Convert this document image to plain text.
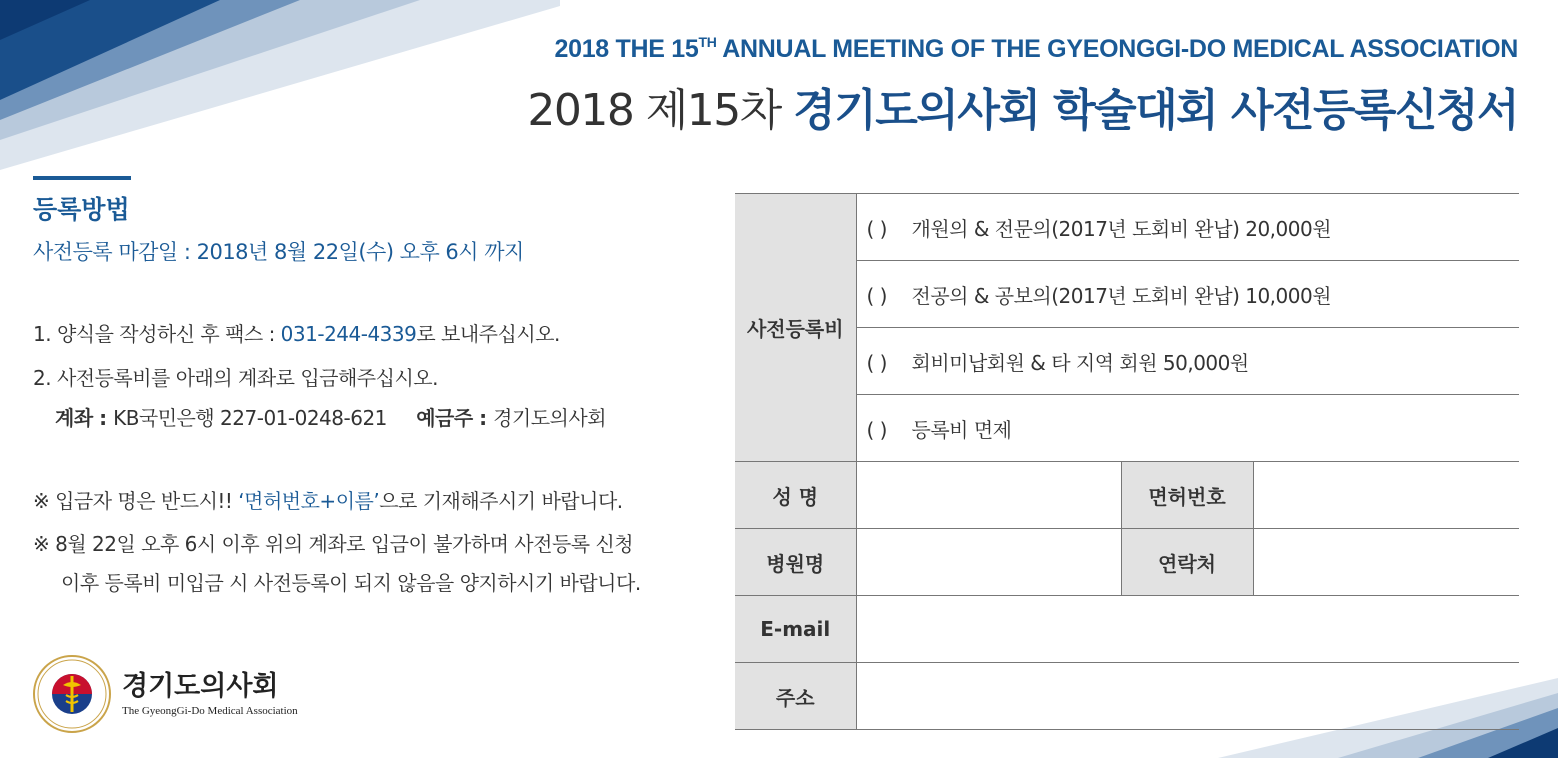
2018 THE 15TH ANNUAL MEETING OF THE GYEONGGI-DO MEDICAL ASSOCIATION
2018 제15차 경기도의사회 학술대회 사전등록신청서
등록방법
사전등록 마감일 : 2018년 8월 22일(수) 오후 6시 까지
1. 양식을 작성하신 후 팩스 : 031-244-4339로 보내주십시오.
2. 사전등록비를 아래의 계좌로 입금해주십시오.
계좌 : KB국민은행 227-01-0248-621 예금주 : 경기도의사회
※ 입금자 명은 반드시!! ‘면허번호+이름’으로 기재해주시기 바랍니다.
※ 8월 22일 오후 6시 이후 위의 계좌로 입금이 불가하며 사전등록 신청
이후 등록비 미입금 시 사전등록이 되지 않음을 양지하시기 바랍니다.
경기도의사회
The GyeongGi-Do Medical Association
사전등록비	( ) 개원의 & 전문의(2017년 도회비 완납) 20,000원		
	( ) 전공의 & 공보의(2017년 도회비 완납) 10,000원		
	( ) 회비미납회원 & 타 지역 회원 50,000원		
	( ) 등록비 면제		
성 명		면허번호	
병원명		연락처	
E-mail			
주소			
